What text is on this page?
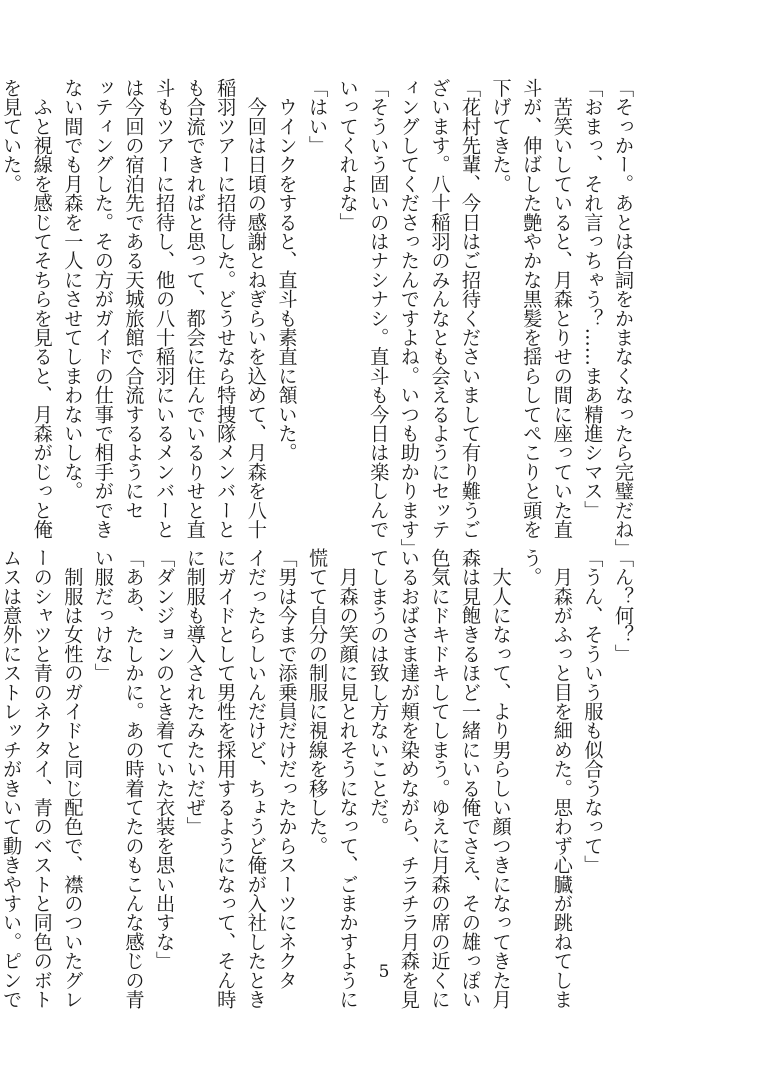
「そっかー。あとは台詞をかまなくなったら完璧だね」

「おまっ、それ言っちゃう？……まあ精進シマス」

　苦笑いしていると、月森とりせの間に座っていた直

斗が、伸ばした艶やかな黒髪を揺らしてぺこりと頭を

下げてきた。

「花村先輩、今日はご招待くださいまして有り難うご

ざいます。八十稲羽のみんなとも会えるようにセッテ

ィングしてくださったんですよね。いつも助かります」

「そういう固いのはナシナシ。直斗も今日は楽しんで

いってくれよな」

「はい」

　ウインクをすると、直斗も素直に頷いた。

　今回は日頃の感謝とねぎらいを込めて、月森を八十

稲羽ツアーに招待した。どうせなら特捜隊メンバーと

も合流できればと思って、都会に住んでいるりせと直

斗もツアーに招待し、他の八十稲羽にいるメンバーと

は今回の宿泊先である天城旅館で合流するようにセ

ッティングした。その方がガイドの仕事で相手ができ

ない間でも月森を一人にさせてしまわないしな。

　ふと視線を感じてそちらを見ると、月森がじっと俺

を見ていた。

「ん？何？」

「うん、そういう服も似合うなって」

　月森がふっと目を細めた。思わず心臓が跳ねてしま

う。

　大人になって、より男らしい顔つきになってきた月

森は見飽きるほど一緒にいる俺でさえ、その雄っぽい

色気にドキドキしてしまう。ゆえに月森の席の近くに

いるおばさま達が頬を染めながら、チラチラ月森を見

てしまうのは致し方ないことだ。

　月森の笑顔に見とれそうになって、ごまかすように

慌てて自分の制服に視線を移した。

「男は今まで添乗員だけだったからスーツにネクタ

イだったらしいんだけど、ちょうど俺が入社したとき

にガイドとして男性を採用するようになって、そん時

に制服も導入されたみたいだぜ」

「ダンジョンのとき着ていた衣装を思い出すな」

「ああ、たしかに。あの時着てたのもこんな感じの青

い服だっけな」

　制服は女性のガイドと同じ配色で、襟のついたグレ

ーのシャツと青のネクタイ、青のベストと同色のボト

ムスは意外にストレッチがきいて動きやすい。ピンで	5
